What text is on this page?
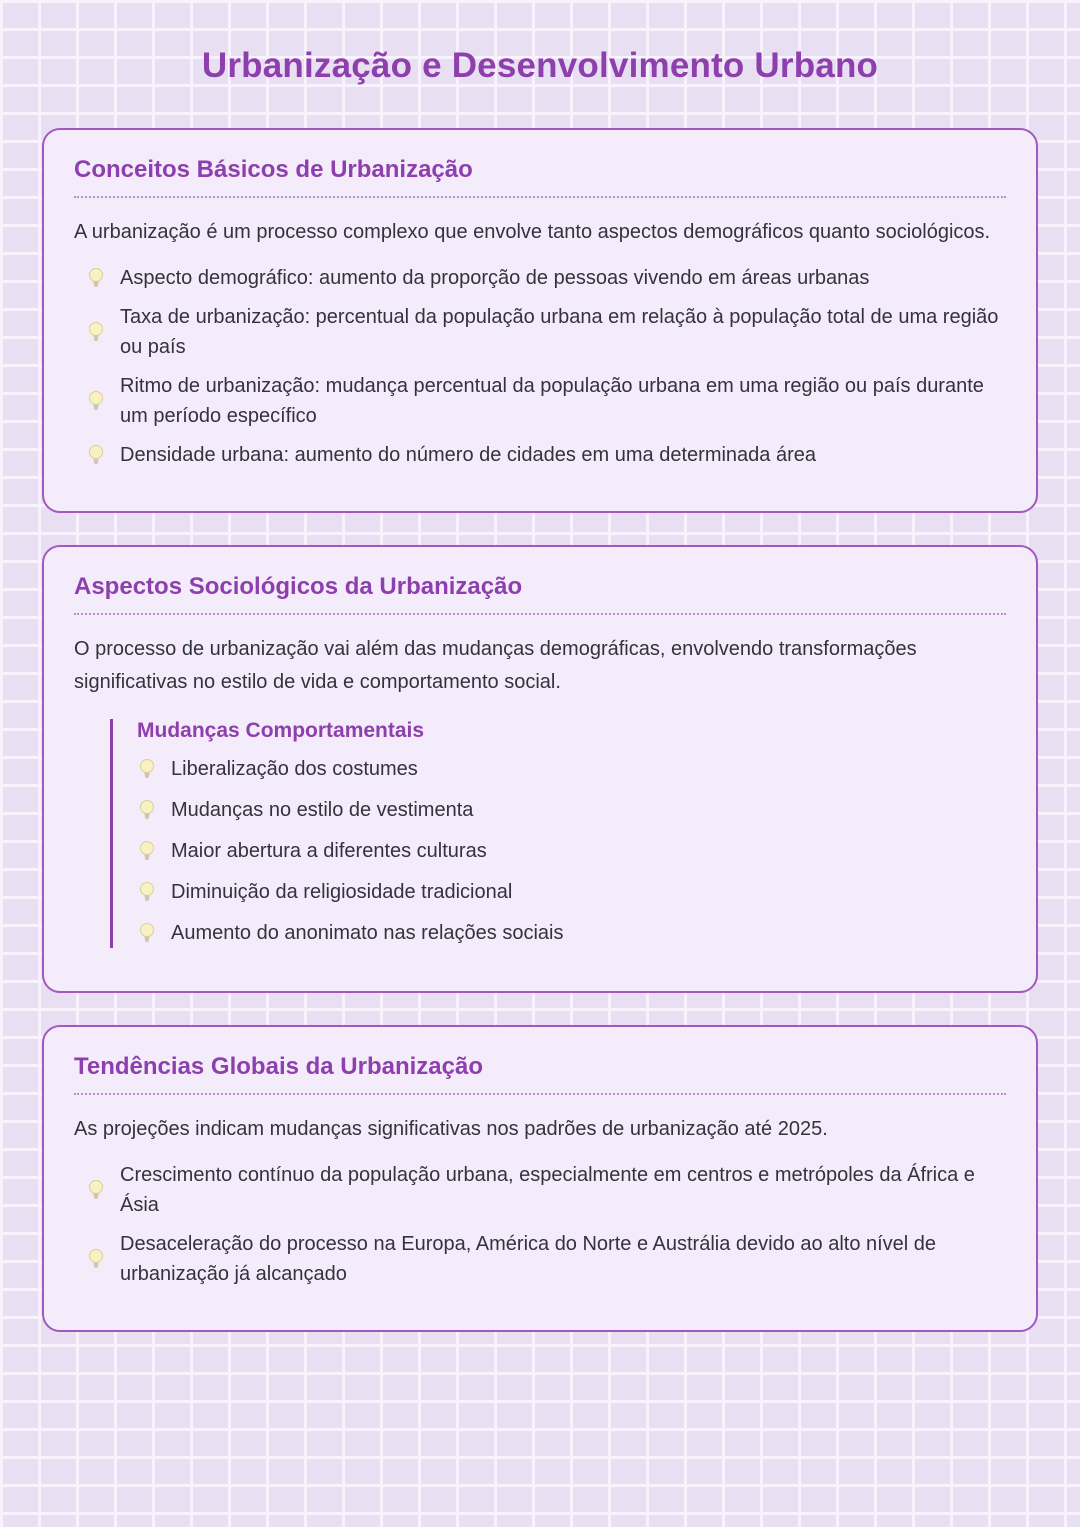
Urbanização e Desenvolvimento Urbano
Conceitos Básicos de Urbanização

A urbanização é um processo complexo que envolve tanto aspectos demográficos quanto sociológicos.

Aspecto demográfico: aumento da proporção de pessoas vivendo em áreas urbanas
Taxa de urbanização: percentual da população urbana em relação à população total de uma região ou país
Ritmo de urbanização: mudança percentual da população urbana em uma região ou país durante um período específico
Densidade urbana: aumento do número de cidades em uma determinada área
Aspectos Sociológicos da Urbanização

O processo de urbanização vai além das mudanças demográficas, envolvendo transformações significativas no estilo de vida e comportamento social.

Mudanças Comportamentais
Liberalização dos costumes
Mudanças no estilo de vestimenta
Maior abertura a diferentes culturas
Diminuição da religiosidade tradicional
Aumento do anonimato nas relações sociais
Tendências Globais da Urbanização

As projeções indicam mudanças significativas nos padrões de urbanização até 2025.

Crescimento contínuo da população urbana, especialmente em centros e metrópoles da África e Ásia
Desaceleração do processo na Europa, América do Norte e Austrália devido ao alto nível de urbanização já alcançado
